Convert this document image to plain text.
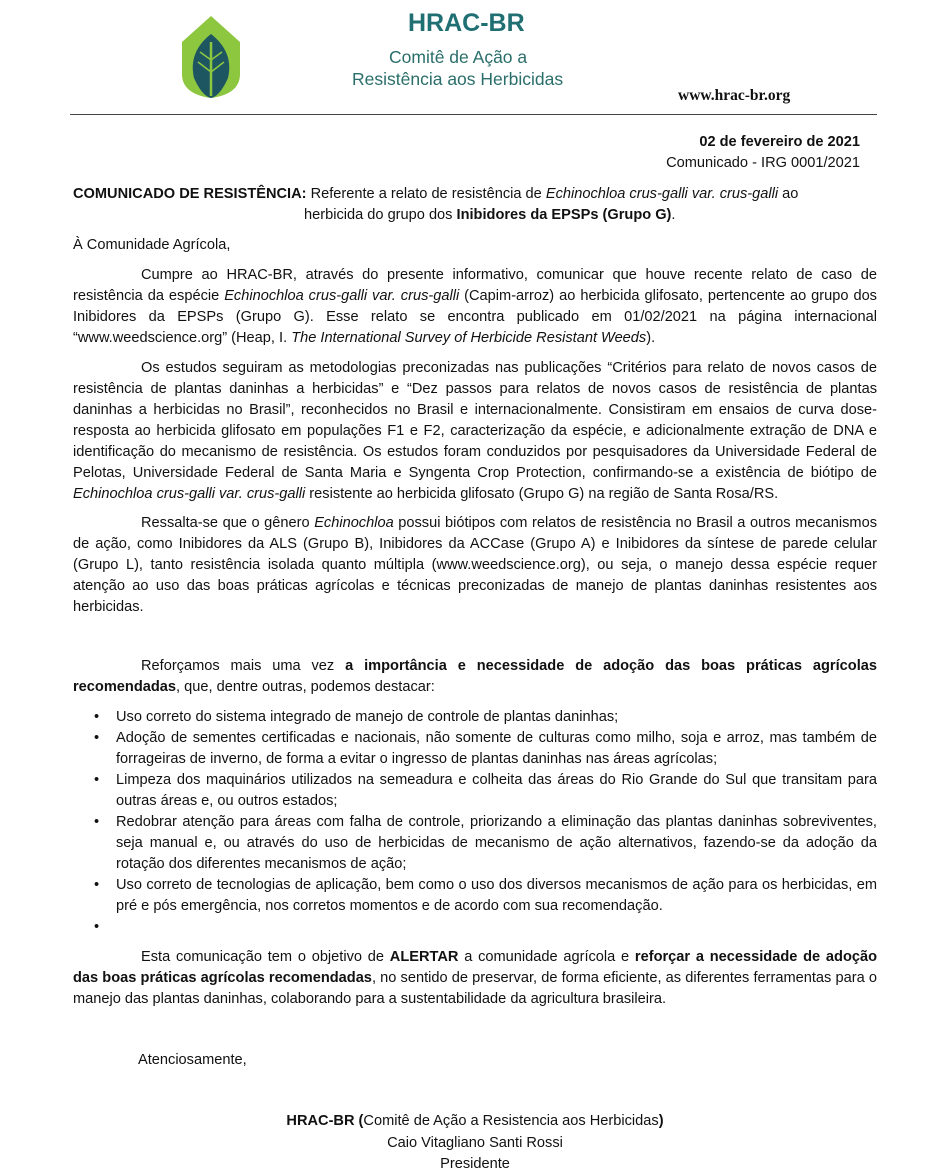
HRAC-BR
Comitê de Ação a
Resistência aos Herbicidas
www.hrac-br.org
02 de fevereiro de 2021
Comunicado - IRG 0001/2021
COMUNICADO DE RESISTÊNCIA: Referente a relato de resistência de Echinochloa crus-galli var. crus-galli ao
herbicida do grupo dos Inibidores da EPSPs (Grupo G).
À Comunidade Agrícola,
Cumpre ao HRAC-BR, através do presente informativo, comunicar que houve recente relato de caso de resistência da espécie Echinochloa crus-galli var. crus-galli (Capim-arroz) ao herbicida glifosato, pertencente ao grupo dos Inibidores da EPSPs (Grupo G). Esse relato se encontra publicado em 01/02/2021 na página internacional “www.weedscience.org” (Heap, I. The International Survey of Herbicide Resistant Weeds).
Os estudos seguiram as metodologias preconizadas nas publicações “Critérios para relato de novos casos de resistência de plantas daninhas a herbicidas” e “Dez passos para relatos de novos casos de resistência de plantas daninhas a herbicidas no Brasil”, reconhecidos no Brasil e internacionalmente. Consistiram em ensaios de curva dose-resposta ao herbicida glifosato em populações F1 e F2, caracterização da espécie, e adicionalmente extração de DNA e identificação do mecanismo de resistência. Os estudos foram conduzidos por pesquisadores da Universidade Federal de Pelotas, Universidade Federal de Santa Maria e Syngenta Crop Protection, confirmando-se a existência de biótipo de Echinochloa crus-galli var. crus-galli resistente ao herbicida glifosato (Grupo G) na região de Santa Rosa/RS.
Ressalta-se que o gênero Echinochloa possui biótipos com relatos de resistência no Brasil a outros mecanismos de ação, como Inibidores da ALS (Grupo B), Inibidores da ACCase (Grupo A) e Inibidores da síntese de parede celular (Grupo L), tanto resistência isolada quanto múltipla (www.weedscience.org), ou seja, o manejo dessa espécie requer atenção ao uso das boas práticas agrícolas e técnicas preconizadas de manejo de plantas daninhas resistentes aos herbicidas.
Reforçamos mais uma vez a importância e necessidade de adoção das boas práticas agrícolas recomendadas, que, dentre outras, podemos destacar:
• Uso correto do sistema integrado de manejo de controle de plantas daninhas;
• Adoção de sementes certificadas e nacionais, não somente de culturas como milho, soja e arroz, mas também de forrageiras de inverno, de forma a evitar o ingresso de plantas daninhas nas áreas agrícolas;
• Limpeza dos maquinários utilizados na semeadura e colheita das áreas do Rio Grande do Sul que transitam para outras áreas e, ou outros estados;
• Redobrar atenção para áreas com falha de controle, priorizando a eliminação das plantas daninhas sobreviventes, seja manual e, ou através do uso de herbicidas de mecanismo de ação alternativos, fazendo-se da adoção da rotação dos diferentes mecanismos de ação;
• Uso correto de tecnologias de aplicação, bem como o uso dos diversos mecanismos de ação para os herbicidas, em pré e pós emergência, nos corretos momentos e de acordo com sua recomendação.
•
Esta comunicação tem o objetivo de ALERTAR a comunidade agrícola e reforçar a necessidade de adoção das boas práticas agrícolas recomendadas, no sentido de preservar, de forma eficiente, as diferentes ferramentas para o manejo das plantas daninhas, colaborando para a sustentabilidade da agricultura brasileira.
Atenciosamente,
HRAC-BR (Comitê de Ação a Resistencia aos Herbicidas)
Caio Vitagliano Santi Rossi
Presidente
